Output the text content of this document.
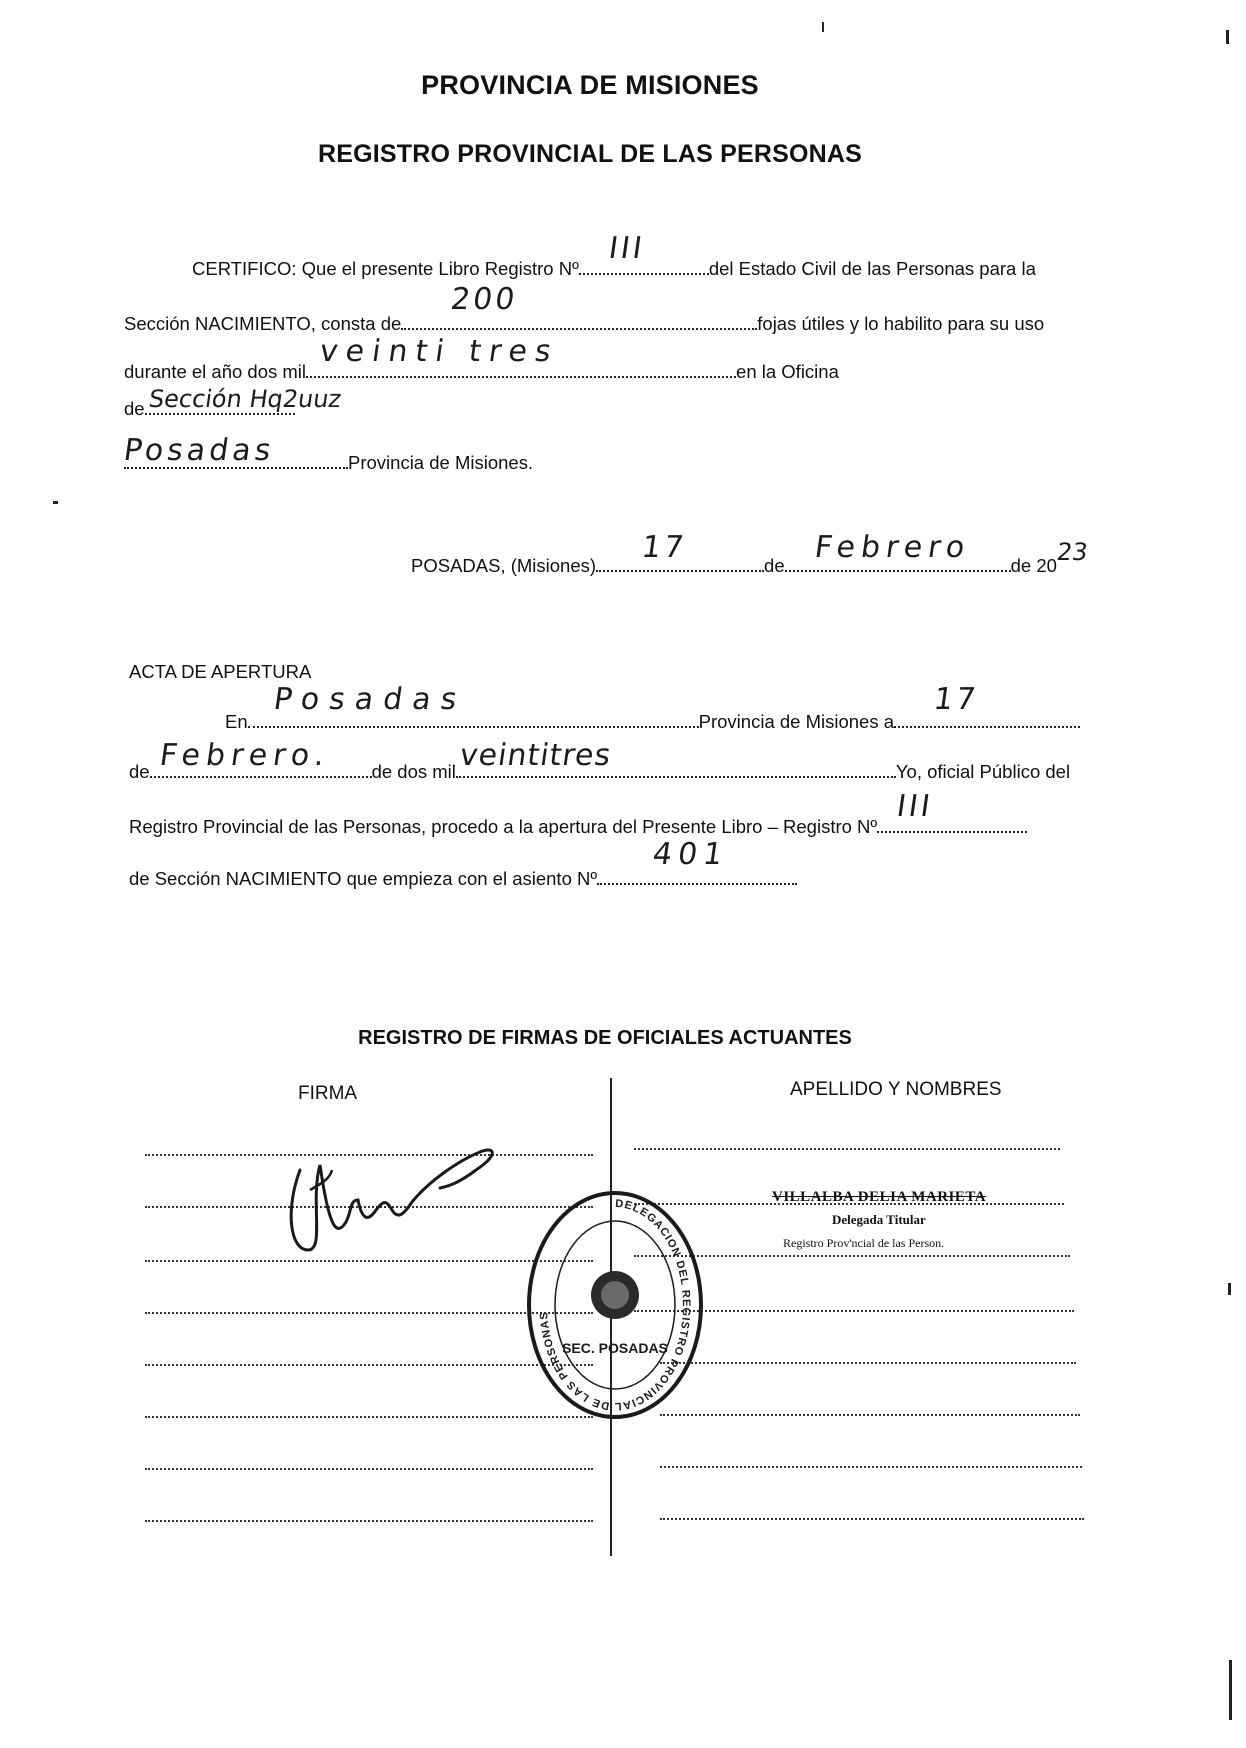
PROVINCIA DE MISIONES
REGISTRO PROVINCIAL DE LAS PERSONAS
CERTIFICO: Que el presente Libro Registro Nº
III
del Estado Civil de las Personas para la
Sección NACIMIENTO, consta de
200
fojas útiles y lo habilito para su uso
durante el año dos mil
veinti tres
en la Oficina
de Sección Hq2uuz
Posadas	Provincia de Misiones.
POSADAS, (Misiones)
17
de
Febrero
de 20
23
ACTA DE APERTURA
En
Posadas
Provincia de Misiones a
17
de Febrero. de dos mil veintitres	Yo, oficial Público del
Registro Provincial de las Personas, procedo a la apertura del Presente Libro – Registro Nº
III
de Sección NACIMIENTO que empieza con el asiento Nº
401
REGISTRO DE FIRMAS DE OFICIALES ACTUANTES
FIRMA	APELLIDO Y NOMBRES
VILLALBA DELIA MARIETA
Delegada Titular
Registro Prov'ncial de las Person.
DELEGACION DEL REGISTRO PROVINCIAL DE LAS PERSONAS
SEC. POSADAS
